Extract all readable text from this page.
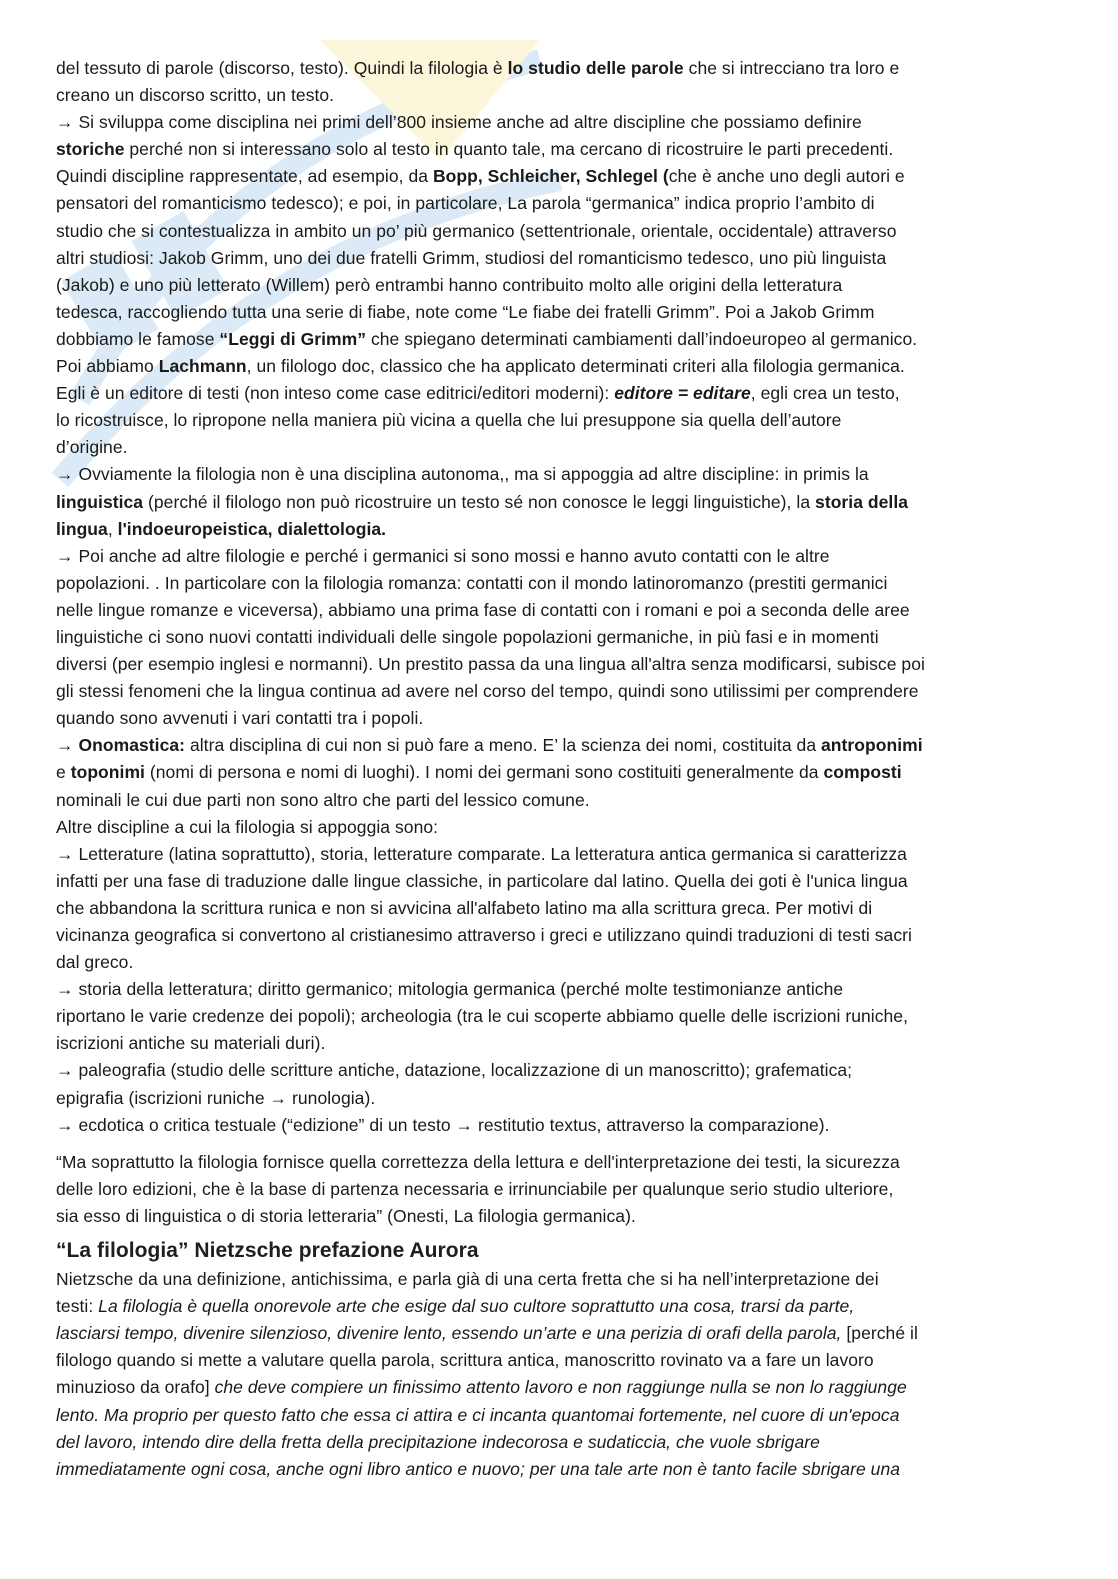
del tessuto di parole (discorso, testo). Quindi la filologia è lo studio delle parole che si intrecciano tra loro e
creano un discorso scritto, un testo.
→ Si sviluppa come disciplina nei primi dell’800 insieme anche ad altre discipline che possiamo definire
storiche perché non si interessano solo al testo in quanto tale, ma cercano di ricostruire le parti precedenti.
Quindi discipline rappresentate, ad esempio, da Bopp, Schleicher, Schlegel (che è anche uno degli autori e
pensatori del romanticismo tedesco); e poi, in particolare, La parola “germanica” indica proprio l’ambito di
studio che si contestualizza in ambito un po’ più germanico (settentrionale, orientale, occidentale) attraverso
altri studiosi: Jakob Grimm, uno dei due fratelli Grimm, studiosi del romanticismo tedesco, uno più linguista
(Jakob) e uno più letterato (Willem) però entrambi hanno contribuito molto alle origini della letteratura
tedesca, raccogliendo tutta una serie di fiabe, note come “Le fiabe dei fratelli Grimm”. Poi a Jakob Grimm
dobbiamo le famose “Leggi di Grimm” che spiegano determinati cambiamenti dall’indoeuropeo al germanico.
Poi abbiamo Lachmann, un filologo doc, classico che ha applicato determinati criteri alla filologia germanica.
Egli è un editore di testi (non inteso come case editrici/editori moderni): editore = editare, egli crea un testo,
lo ricostruisce, lo ripropone nella maniera più vicina a quella che lui presuppone sia quella dell’autore
d’origine.
→ Ovviamente la filologia non è una disciplina autonoma,, ma si appoggia ad altre discipline: in primis la
linguistica (perché il filologo non può ricostruire un testo sé non conosce le leggi linguistiche), la storia della
lingua, l'indoeuropeistica, dialettologia.
→ Poi anche ad altre filologie e perché i germanici si sono mossi e hanno avuto contatti con le altre
popolazioni. . In particolare con la filologia romanza: contatti con il mondo latinoromanzo (prestiti germanici
nelle lingue romanze e viceversa), abbiamo una prima fase di contatti con i romani e poi a seconda delle aree
linguistiche ci sono nuovi contatti individuali delle singole popolazioni germaniche, in più fasi e in momenti
diversi (per esempio inglesi e normanni). Un prestito passa da una lingua all'altra senza modificarsi, subisce poi
gli stessi fenomeni che la lingua continua ad avere nel corso del tempo, quindi sono utilissimi per comprendere
quando sono avvenuti i vari contatti tra i popoli.
→ Onomastica: altra disciplina di cui non si può fare a meno. E’ la scienza dei nomi, costituita da antroponimi
e toponimi (nomi di persona e nomi di luoghi). I nomi dei germani sono costituiti generalmente da composti
nominali le cui due parti non sono altro che parti del lessico comune.
Altre discipline a cui la filologia si appoggia sono:
→ Letterature (latina soprattutto), storia, letterature comparate. La letteratura antica germanica si caratterizza
infatti per una fase di traduzione dalle lingue classiche, in particolare dal latino. Quella dei goti è l'unica lingua
che abbandona la scrittura runica e non si avvicina all'alfabeto latino ma alla scrittura greca. Per motivi di
vicinanza geografica si convertono al cristianesimo attraverso i greci e utilizzano quindi traduzioni di testi sacri
dal greco.
→ storia della letteratura; diritto germanico; mitologia germanica (perché molte testimonianze antiche
riportano le varie credenze dei popoli); archeologia (tra le cui scoperte abbiamo quelle delle iscrizioni runiche,
iscrizioni antiche su materiali duri).
→ paleografia (studio delle scritture antiche, datazione, localizzazione di un manoscritto); grafematica;
epigrafia (iscrizioni runiche → runologia).
→ ecdotica o critica testuale (“edizione” di un testo → restitutio textus, attraverso la comparazione).
“Ma soprattutto la filologia fornisce quella correttezza della lettura e dell'interpretazione dei testi, la sicurezza
delle loro edizioni, che è la base di partenza necessaria e irrinunciabile per qualunque serio studio ulteriore,
sia esso di linguistica o di storia letteraria” (Onesti, La filologia germanica).
“La filologia” Nietzsche prefazione Aurora
Nietzsche da una definizione, antichissima, e parla già di una certa fretta che si ha nell’interpretazione dei
testi: La filologia è quella onorevole arte che esige dal suo cultore soprattutto una cosa, trarsi da parte,
lasciarsi tempo, divenire silenzioso, divenire lento, essendo un’arte e una perizia di orafi della parola, [perché il
filologo quando si mette a valutare quella parola, scrittura antica, manoscritto rovinato va a fare un lavoro
minuzioso da orafo] che deve compiere un finissimo attento lavoro e non raggiunge nulla se non lo raggiunge
lento. Ma proprio per questo fatto che essa ci attira e ci incanta quantomai fortemente, nel cuore di un'epoca
del lavoro, intendo dire della fretta della precipitazione indecorosa e sudaticcia, che vuole sbrigare
immediatamente ogni cosa, anche ogni libro antico e nuovo; per una tale arte non è tanto facile sbrigare una
